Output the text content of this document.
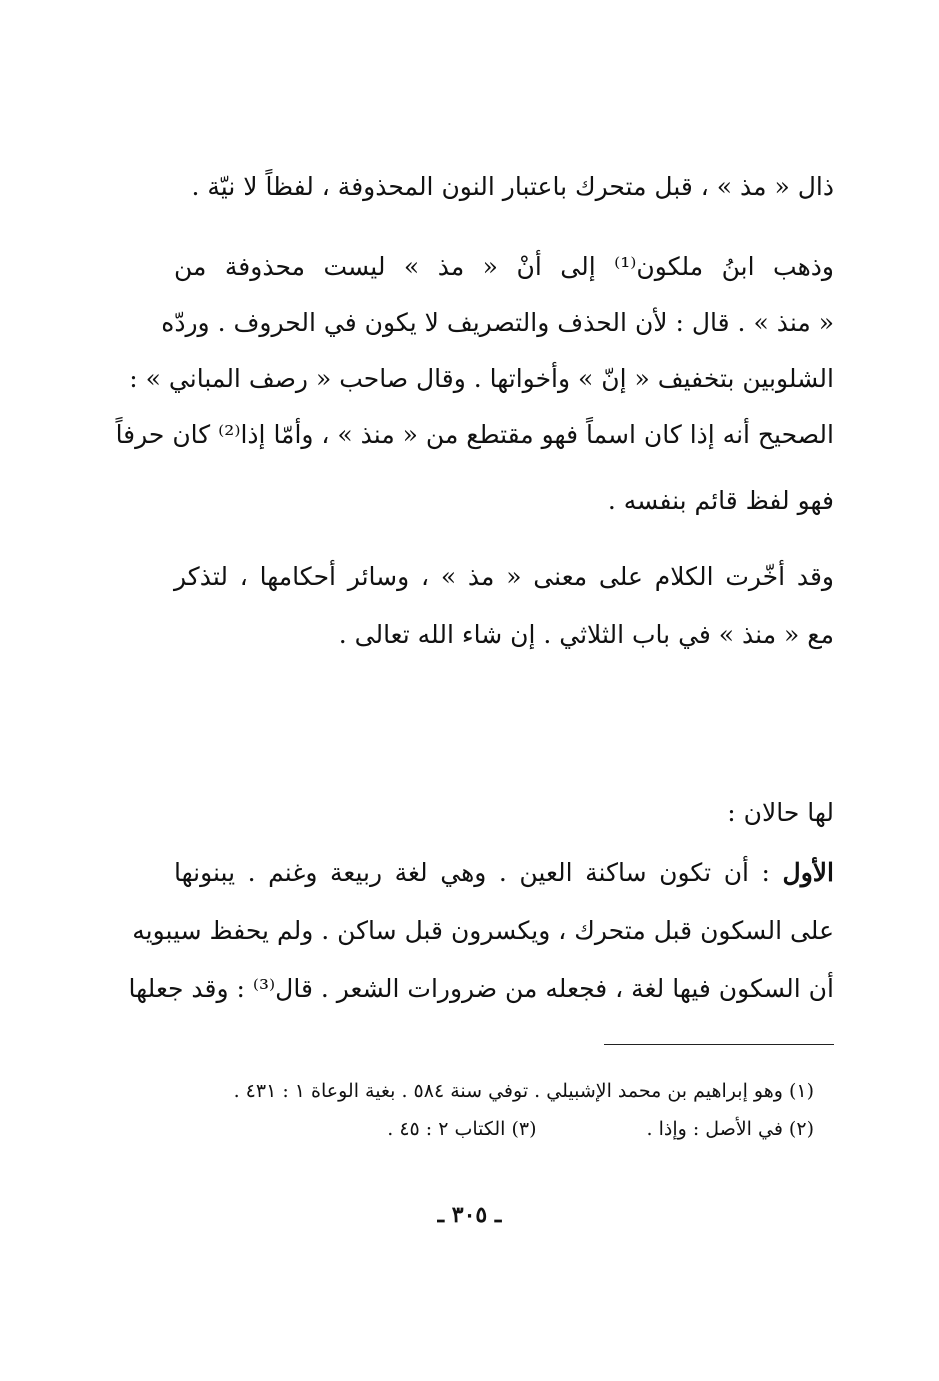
ذال « مذ » ، قبل متحرك باعتبار النون المحذوفة ، لفظاً لا نيّة .
وذهب ابنُ ملكون⁽¹⁾ إلى أنْ « مذ » ليست محذوفة من
« منذ » . قال : لأن الحذف والتصريف لا يكون في الحروف . وردّه
الشلوبين بتخفيف « إنّ » وأخواتها . وقال صاحب « رصف المباني » :
الصحيح أنه إذا كان اسماً فهو مقتطع من « منذ » ، وأمّا إذا⁽²⁾ كان حرفاً
فهو لفظ قائم بنفسه .
وقد أخّرت الكلام على معنى « مذ » ، وسائر أحكامها ، لتذكر
مع « منذ » في باب الثلاثي . إن شاء الله تعالى .
لها حالان :
الأول : أن تكون ساكنة العين . وهي لغة ربيعة وغنم . يبنونها
على السكون قبل متحرك ، ويكسرون قبل ساكن . ولم يحفظ سيبويه
أن السكون فيها لغة ، فجعله من ضرورات الشعر . قال⁽³⁾ : وقد جعلها
(١) وهو إبراهيم بن محمد الإشبيلي . توفي سنة ٥٨٤ . بغية الوعاة ١ : ٤٣١ .
(٢) في الأصل : وإذا .(٣) الكتاب ٢ : ٤٥ .
ـ ٣٠٥ ـ
